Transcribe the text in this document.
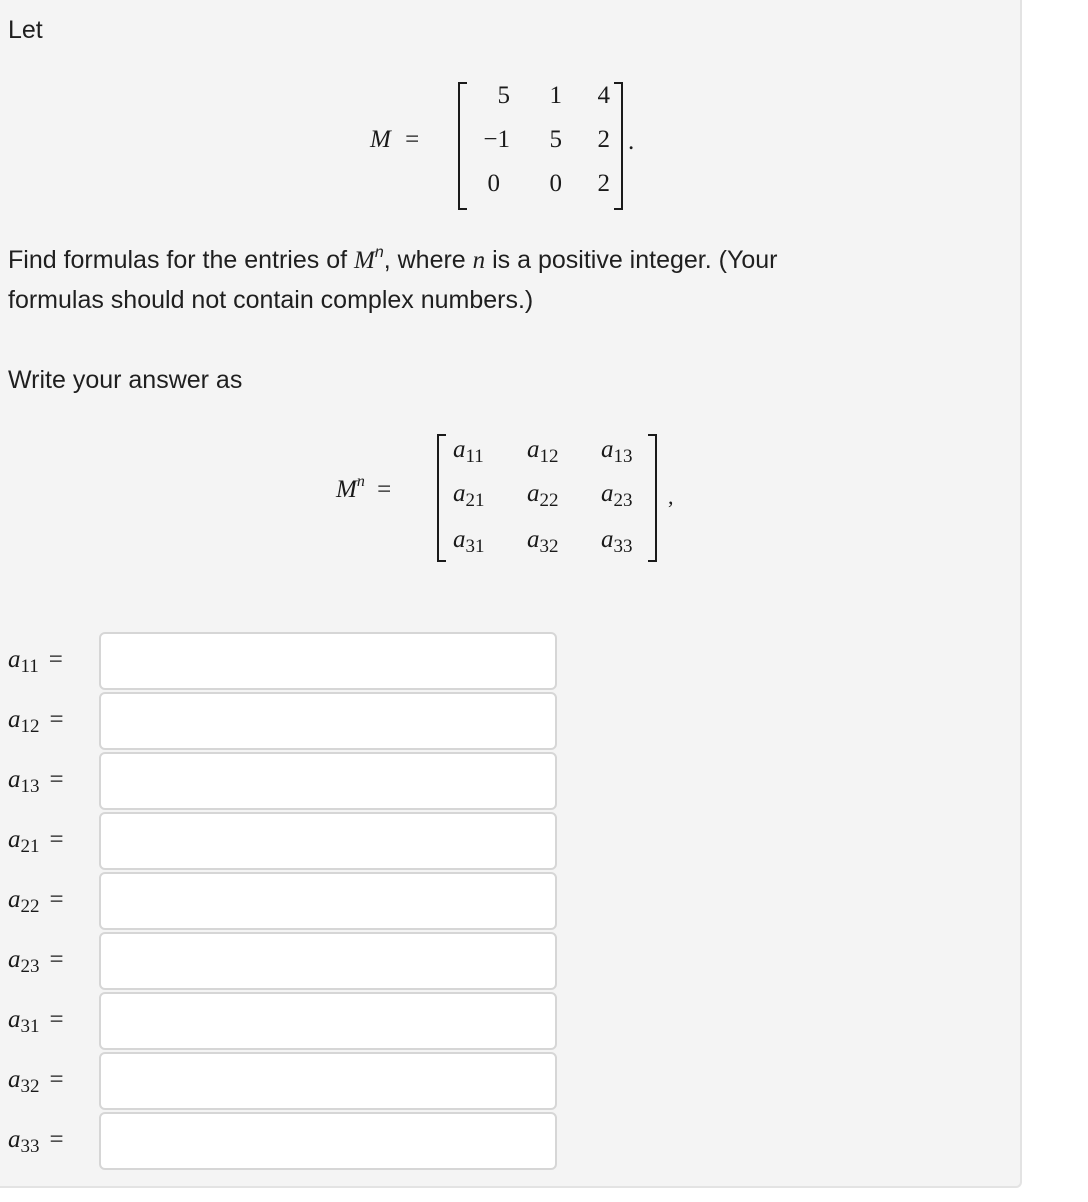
Let
M =
5	1	4
−1	5	2
0	0	2
.
Find formulas for the entries of $M^n$, where n is a positive integer. (Your
formulas should not contain complex numbers.)
Write your answer as
$M^n$ =
$a_{11}$ $a_{12}$ $a_{13}$
$a_{21}$ $a_{22}$ $a_{23}$
$a_{31}$ $a_{32}$ $a_{33}$
,
$a_{11}$ =
$a_{12}$ =
$a_{13}$ =
$a_{21}$ =
$a_{22}$ =
$a_{23}$ =
$a_{31}$ =
$a_{32}$ =
$a_{33}$ =
